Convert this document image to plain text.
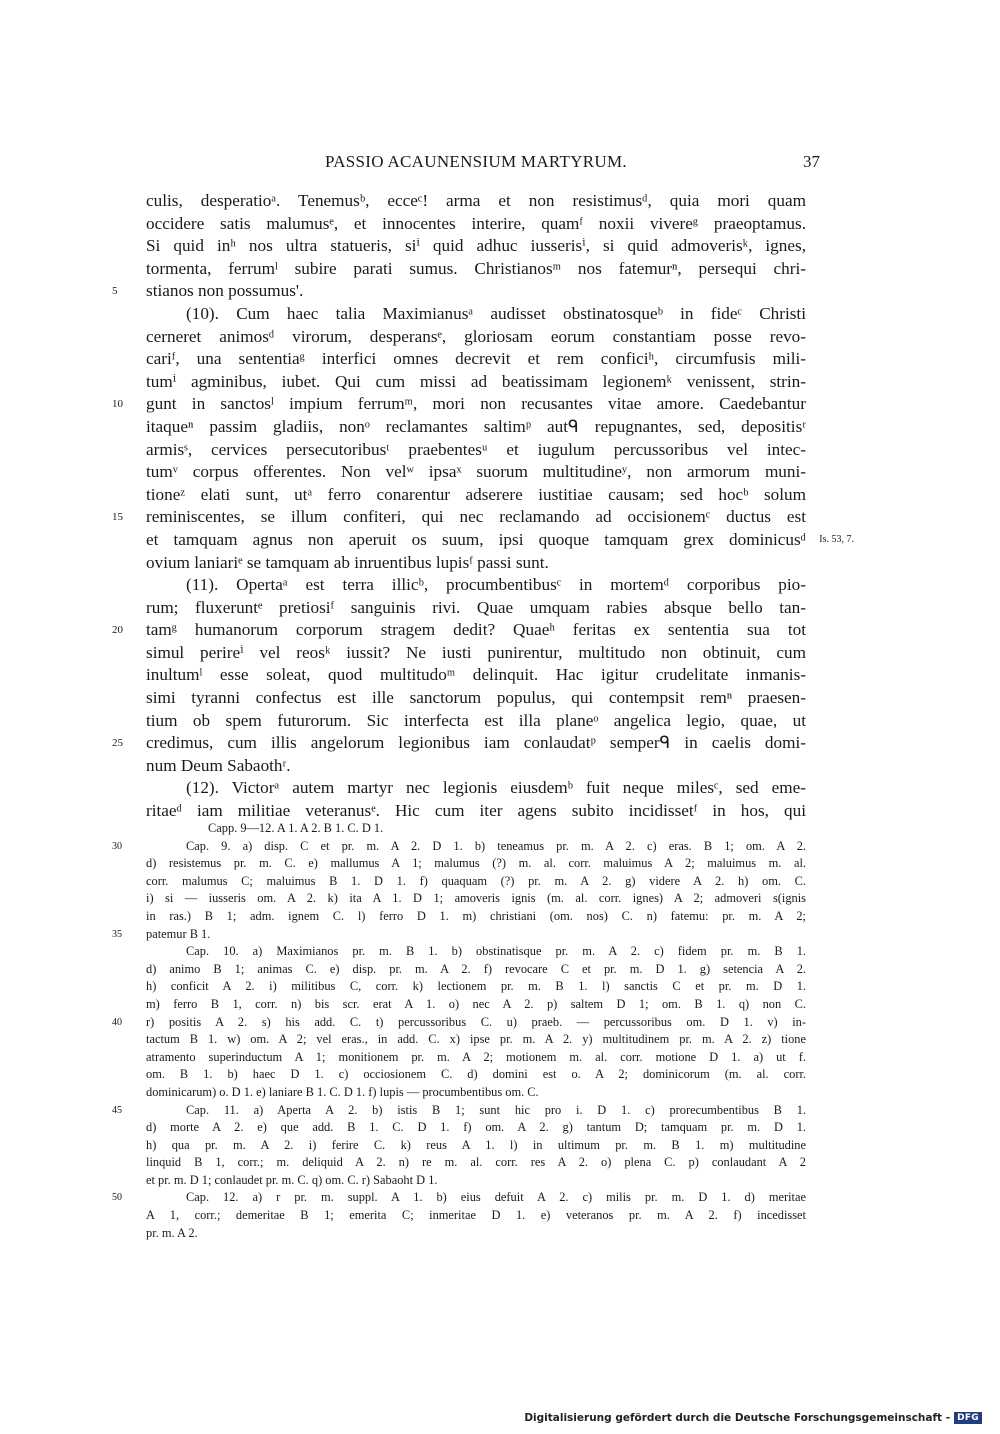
PASSIO ACAUNENSIUM MARTYRUM.	37
culis, desperatioᵃ. Tenemusᵇ, ecceᶜ! arma et non resistimusᵈ, quia mori quam
occidere satis malumusᵉ, et innocentes interire, quamᶠ noxii vivereᵍ praeoptamus.
Si quid inʰ nos ultra statueris, siⁱ quid adhuc iusserisⁱ, si quid admoverisᵏ, ignes,
tormenta, ferrumˡ subire parati sumus. Christianosᵐ nos fatemurⁿ, persequi chri-
stianos non possumus'.
5
(10). Cum haec talia Maximianusᵃ audisset obstinatosqueᵇ in fideᶜ Christi
cerneret animosᵈ virorum, desperansᵉ, gloriosam eorum constantiam posse revo-
cariᶠ, una sententiaᵍ interfici omnes decrevit et rem conficiʰ, circumfusis mili-
tumⁱ agminibus, iubet. Qui cum missi ad beatissimam legionemᵏ venissent, strin-
gunt in sanctosˡ impium ferrumᵐ, mori non recusantes vitae amore. Caedebantur
10
itaqueⁿ passim gladiis, nonᵒ reclamantes saltimᵖ autᑫ repugnantes, sed, depositisʳ
armisˢ, cervices persecutoribusᵗ praebentesᵘ et iugulum percussoribus vel intec-
tumᵛ corpus offerentes. Non velʷ ipsaˣ suorum multitudineʸ, non armorum muni-
tioneᶻ elati sunt, utᵃ ferro conarentur adserere iustitiae causam; sed hocᵇ solum
reminiscentes, se illum confiteri, qui nec reclamando ad occisionemᶜ ductus est
15
et tamquam agnus non aperuit os suum, ipsi quoque tamquam grex dominicusᵈ Is. 53, 7.
ovium laniariᵉ se tamquam ab inruentibus lupisᶠ passi sunt.
(11). Opertaᵃ est terra illicᵇ, procumbentibusᶜ in mortemᵈ corporibus pio-
rum; fluxeruntᵉ pretiosiᶠ sanguinis rivi. Quae umquam rabies absque bello tan-
tamᵍ humanorum corporum stragem dedit? Quaeʰ feritas ex sententia sua tot
20
simul perireⁱ vel reosᵏ iussit? Ne iusti punirentur, multitudo non obtinuit, cum
inultumˡ esse soleat, quod multitudoᵐ delinquit. Hac igitur crudelitate inmanis-
simi tyranni confectus est ille sanctorum populus, qui contempsit remⁿ praesen-
tium ob spem futurorum. Sic interfecta est illa planeᵒ angelica legio, quae, ut
credimus, cum illis angelorum legionibus iam conlaudatᵖ semperᑫ in caelis domi-
25
num Deum Sabaothʳ.
(12). Victorᵃ autem martyr nec legionis eiusdemᵇ fuit neque milesᶜ, sed eme-
ritaeᵈ iam militiae veteranusᵉ. Hic cum iter agens subito incidissetᶠ in hos, qui
Capp. 9—12. A 1. A 2. B 1. C. D 1.
Cap. 9. a) disp. C et pr. m. A 2. D 1. b) teneamus pr. m. A 2. c) eras. B 1; om. A 2.
30
d) resistemus pr. m. C. e) mallumus A 1; malumus (?) m. al. corr. maluimus A 2; maluimus m. al.
corr. malumus C; maluimus B 1. D 1. f) quaquam (?) pr. m. A 2. g) videre A 2. h) om. C.
i) si — iusseris om. A 2. k) ita A 1. D 1; amoveris ignis (m. al. corr. ignes) A 2; admoveri s(ignis
in ras.) B 1; adm. ignem C. l) ferro D 1. m) christiani (om. nos) C. n) fatemu: pr. m. A 2;
patemur B 1.
35
Cap. 10. a) Maximianos pr. m. B 1. b) obstinatisque pr. m. A 2. c) fidem pr. m. B 1.
d) animo B 1; animas C. e) disp. pr. m. A 2. f) revocare C et pr. m. D 1. g) setencia A 2.
h) conficit A 2. i) militibus C, corr. k) lectionem pr. m. B 1. l) sanctis C et pr. m. D 1.
m) ferro B 1, corr. n) bis scr. erat A 1. o) nec A 2. p) saltem D 1; om. B 1. q) non C.
r) positis A 2. s) his add. C. t) percussoribus C. u) praeb. — percussoribus om. D 1. v) in-
40
tactum B 1. w) om. A 2; vel eras., in add. C. x) ipse pr. m. A 2. y) multitudinem pr. m. A 2. z) tione
atramento superinductum A 1; monitionem pr. m. A 2; motionem m. al. corr. motione D 1. a) ut f.
om. B 1. b) haec D 1. c) occiosionem C. d) domini est o. A 2; dominicorum (m. al. corr.
dominicarum) o. D 1. e) laniare B 1. C. D 1. f) lupis — procumbentibus om. C.
Cap. 11. a) Aperta A 2. b) istis B 1; sunt hic pro i. D 1. c) prorecumbentibus B 1.
45
d) morte A 2. e) que add. B 1. C. D 1. f) om. A 2. g) tantum D; tamquam pr. m. D 1.
h) qua pr. m. A 2. i) ferire C. k) reus A 1. l) in ultimum pr. m. B 1. m) multitudine
linquid B 1, corr.; m. deliquid A 2. n) re m. al. corr. res A 2. o) plena C. p) conlaudant A 2
et pr. m. D 1; conlaudet pr. m. C. q) om. C. r) Sabaoht D 1.
Cap. 12. a) r pr. m. suppl. A 1. b) eius defuit A 2. c) milis pr. m. D 1. d) meritae
50
A 1, corr.; demeritae B 1; emerita C; inmeritae D 1. e) veteranos pr. m. A 2. f) incedisset
pr. m. A 2.
Digitalisierung gefördert durch die Deutsche Forschungsgemeinschaft - DFG
